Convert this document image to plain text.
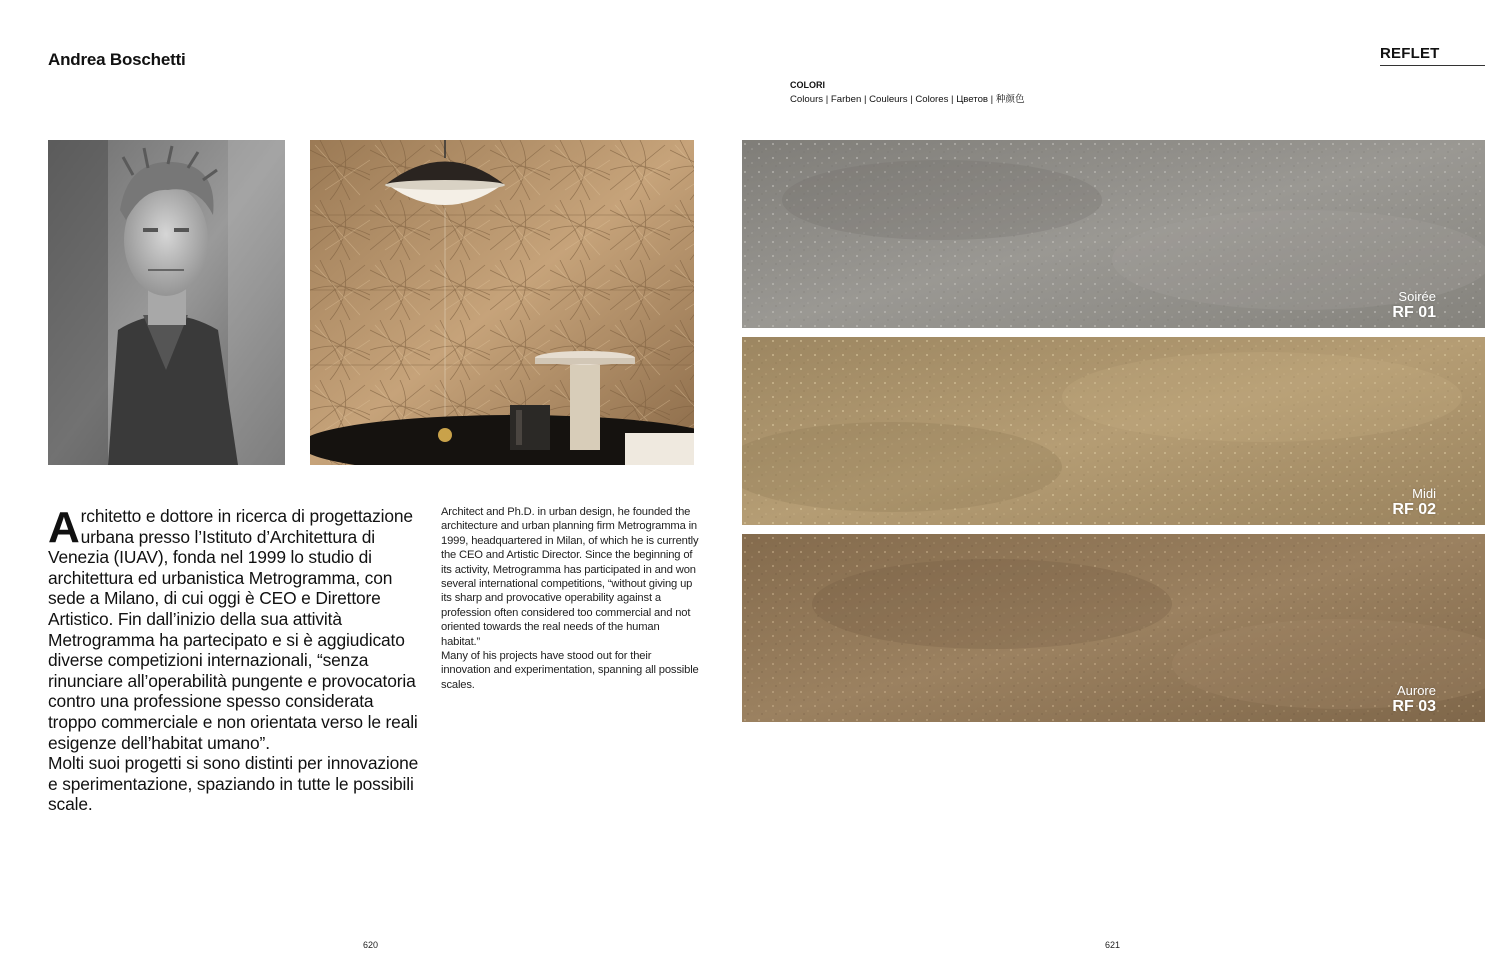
Andrea Boschetti

Architetto e dottore in ricerca di progettazione urbana presso l’Istituto d’Architettura di Venezia (IUAV), fonda nel 1999 lo studio di architettura ed urbanistica Metrogramma, con sede a Milano, di cui oggi è CEO e Direttore Artistico. Fin dall’inizio della sua attività Metrogramma ha partecipato e si è aggiudicato diverse competizioni internazionali, “senza rinunciare all’operabilità pungente e provocatoria contro una professione spesso considerata troppo commerciale e non orientata verso le reali esigenze dell’habitat umano”.

Molti suoi progetti si sono distinti per innovazione e sperimentazione, spaziando in tutte le possibili scale.

Architect and Ph.D. in urban design, he founded the architecture and urban planning firm Metrogramma in 1999, headquartered in Milan, of which he is currently the CEO and Artistic Director. Since the beginning of its activity, Metrogramma has participated in and won several international competitions, “without giving up its sharp and provocative operability against a profession often considered too commercial and not oriented towards the real needs of the human habitat.”

Many of his projects have stood out for their innovation and experimentation, spanning all possible scales.

620
REFLET
COLORI
Colours | Farben | Couleurs | Colores | Цветов | 种颜色
Soirée
RF 01
Midi
RF 02
Aurore
RF 03
621
